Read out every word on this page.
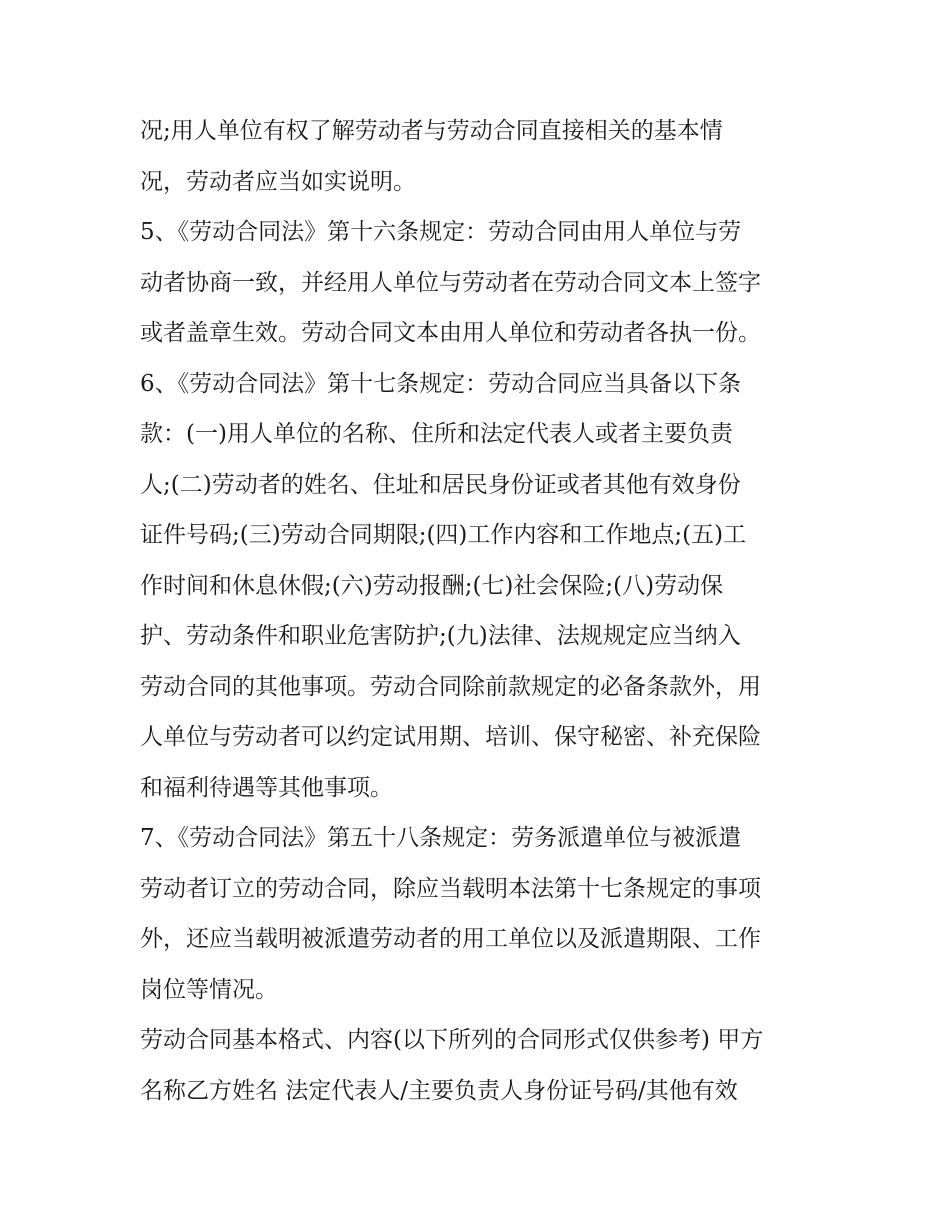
况;用人单位有权了解劳动者与劳动合同直接相关的基本情
况，劳动者应当如实说明。
5、《劳动合同法》第十六条规定：劳动合同由用人单位与劳
动者协商一致，并经用人单位与劳动者在劳动合同文本上签字
或者盖章生效。劳动合同文本由用人单位和劳动者各执一份。
6、《劳动合同法》第十七条规定：劳动合同应当具备以下条
款：(一)用人单位的名称、住所和法定代表人或者主要负责
人;(二)劳动者的姓名、住址和居民身份证或者其他有效身份
证件号码;(三)劳动合同期限;(四)工作内容和工作地点;(五)工
作时间和休息休假;(六)劳动报酬;(七)社会保险;(八)劳动保
护、劳动条件和职业危害防护;(九)法律、法规规定应当纳入
劳动合同的其他事项。劳动合同除前款规定的必备条款外，用
人单位与劳动者可以约定试用期、培训、保守秘密、补充保险
和福利待遇等其他事项。
7、《劳动合同法》第五十八条规定：劳务派遣单位与被派遣
劳动者订立的劳动合同，除应当载明本法第十七条规定的事项
外，还应当载明被派遣劳动者的用工单位以及派遣期限、工作
岗位等情况。
劳动合同基本格式、内容(以下所列的合同形式仅供参考) 甲方
名称乙方姓名 法定代表人/主要负责人身份证号码/其他有效
